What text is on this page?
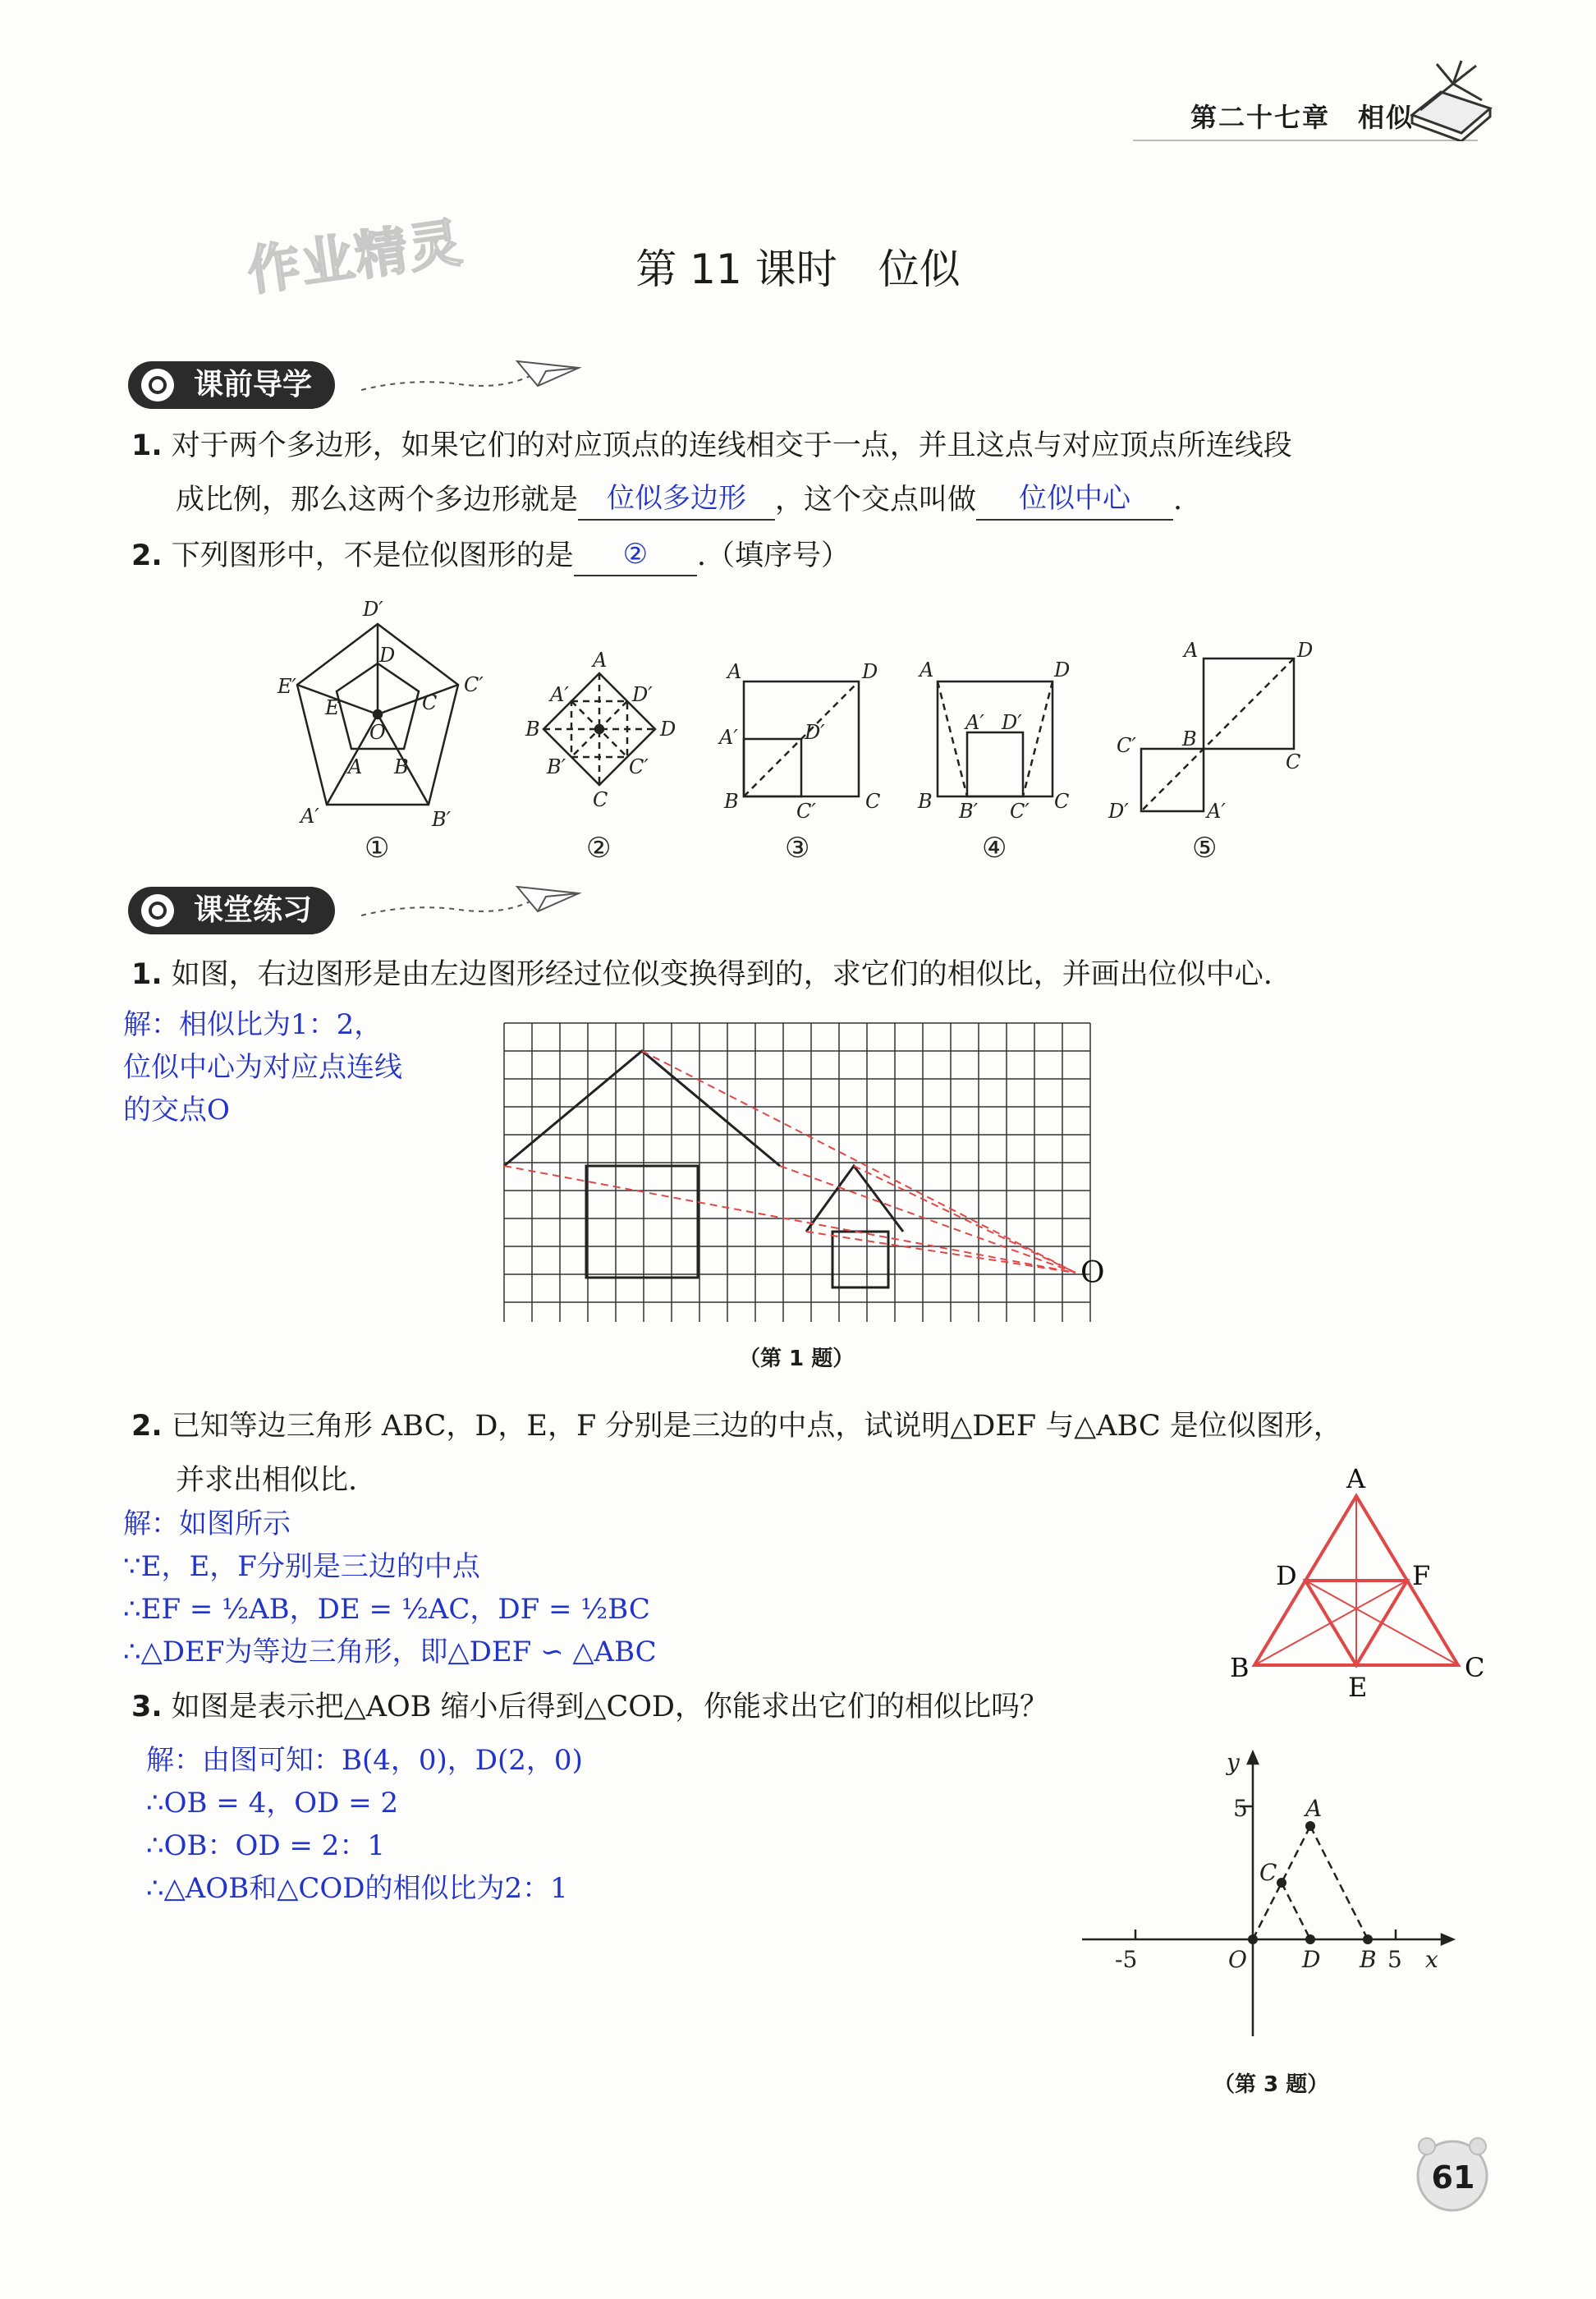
第二十七章　相似
作业精灵	第 11 课时　位似
课前导学
1. 对于两个多边形，如果它们的对应顶点的连线相交于一点，并且这点与对应顶点所连线段
成比例，那么这两个多边形就是	位似多边形	，这个交点叫做	位似中心	.
2. 下列图形中，不是位似图形的是	②	.（填序号）
D′
D
E′
E
C′
C
O
A B
A′	B′
A
A′	D′
B	D
B′	C′
C
A	D
A′	D′
B	C′	C
A	D
A′ D′
B B′ C′ C
A	D
C′ B
C
D′	A′
①	②	③	④	⑤
课堂练习
1. 如图，右边图形是由左边图形经过位似变换得到的，求它们的相似比，并画出位似中心.
解：相似比为1：2，
位似中心为对应点连线
的交点O
O
（第 1 题）
2. 已知等边三角形 ABC，D，E，F 分别是三边的中点，试说明△DEF 与△ABC 是位似图形，
并求出相似比.
解：如图所示
∵E，E，F分别是三边的中点
∴EF = ½AB，DE = ½AC，DF = ½BC
∴△DEF为等边三角形，即△DEF ∽ △ABC
A
B	C
D
E
F
3. 如图是表示把△AOB 缩小后得到△COD，你能求出它们的相似比吗？
解：由图可知：B(4，0)，D(2，0)
∴OB = 4，OD = 2
∴OB：OD = 2：1
∴△AOB和△COD的相似比为2：1
y
x
O
5
-5	5
A
B
C
D
（第 3 题）
61
